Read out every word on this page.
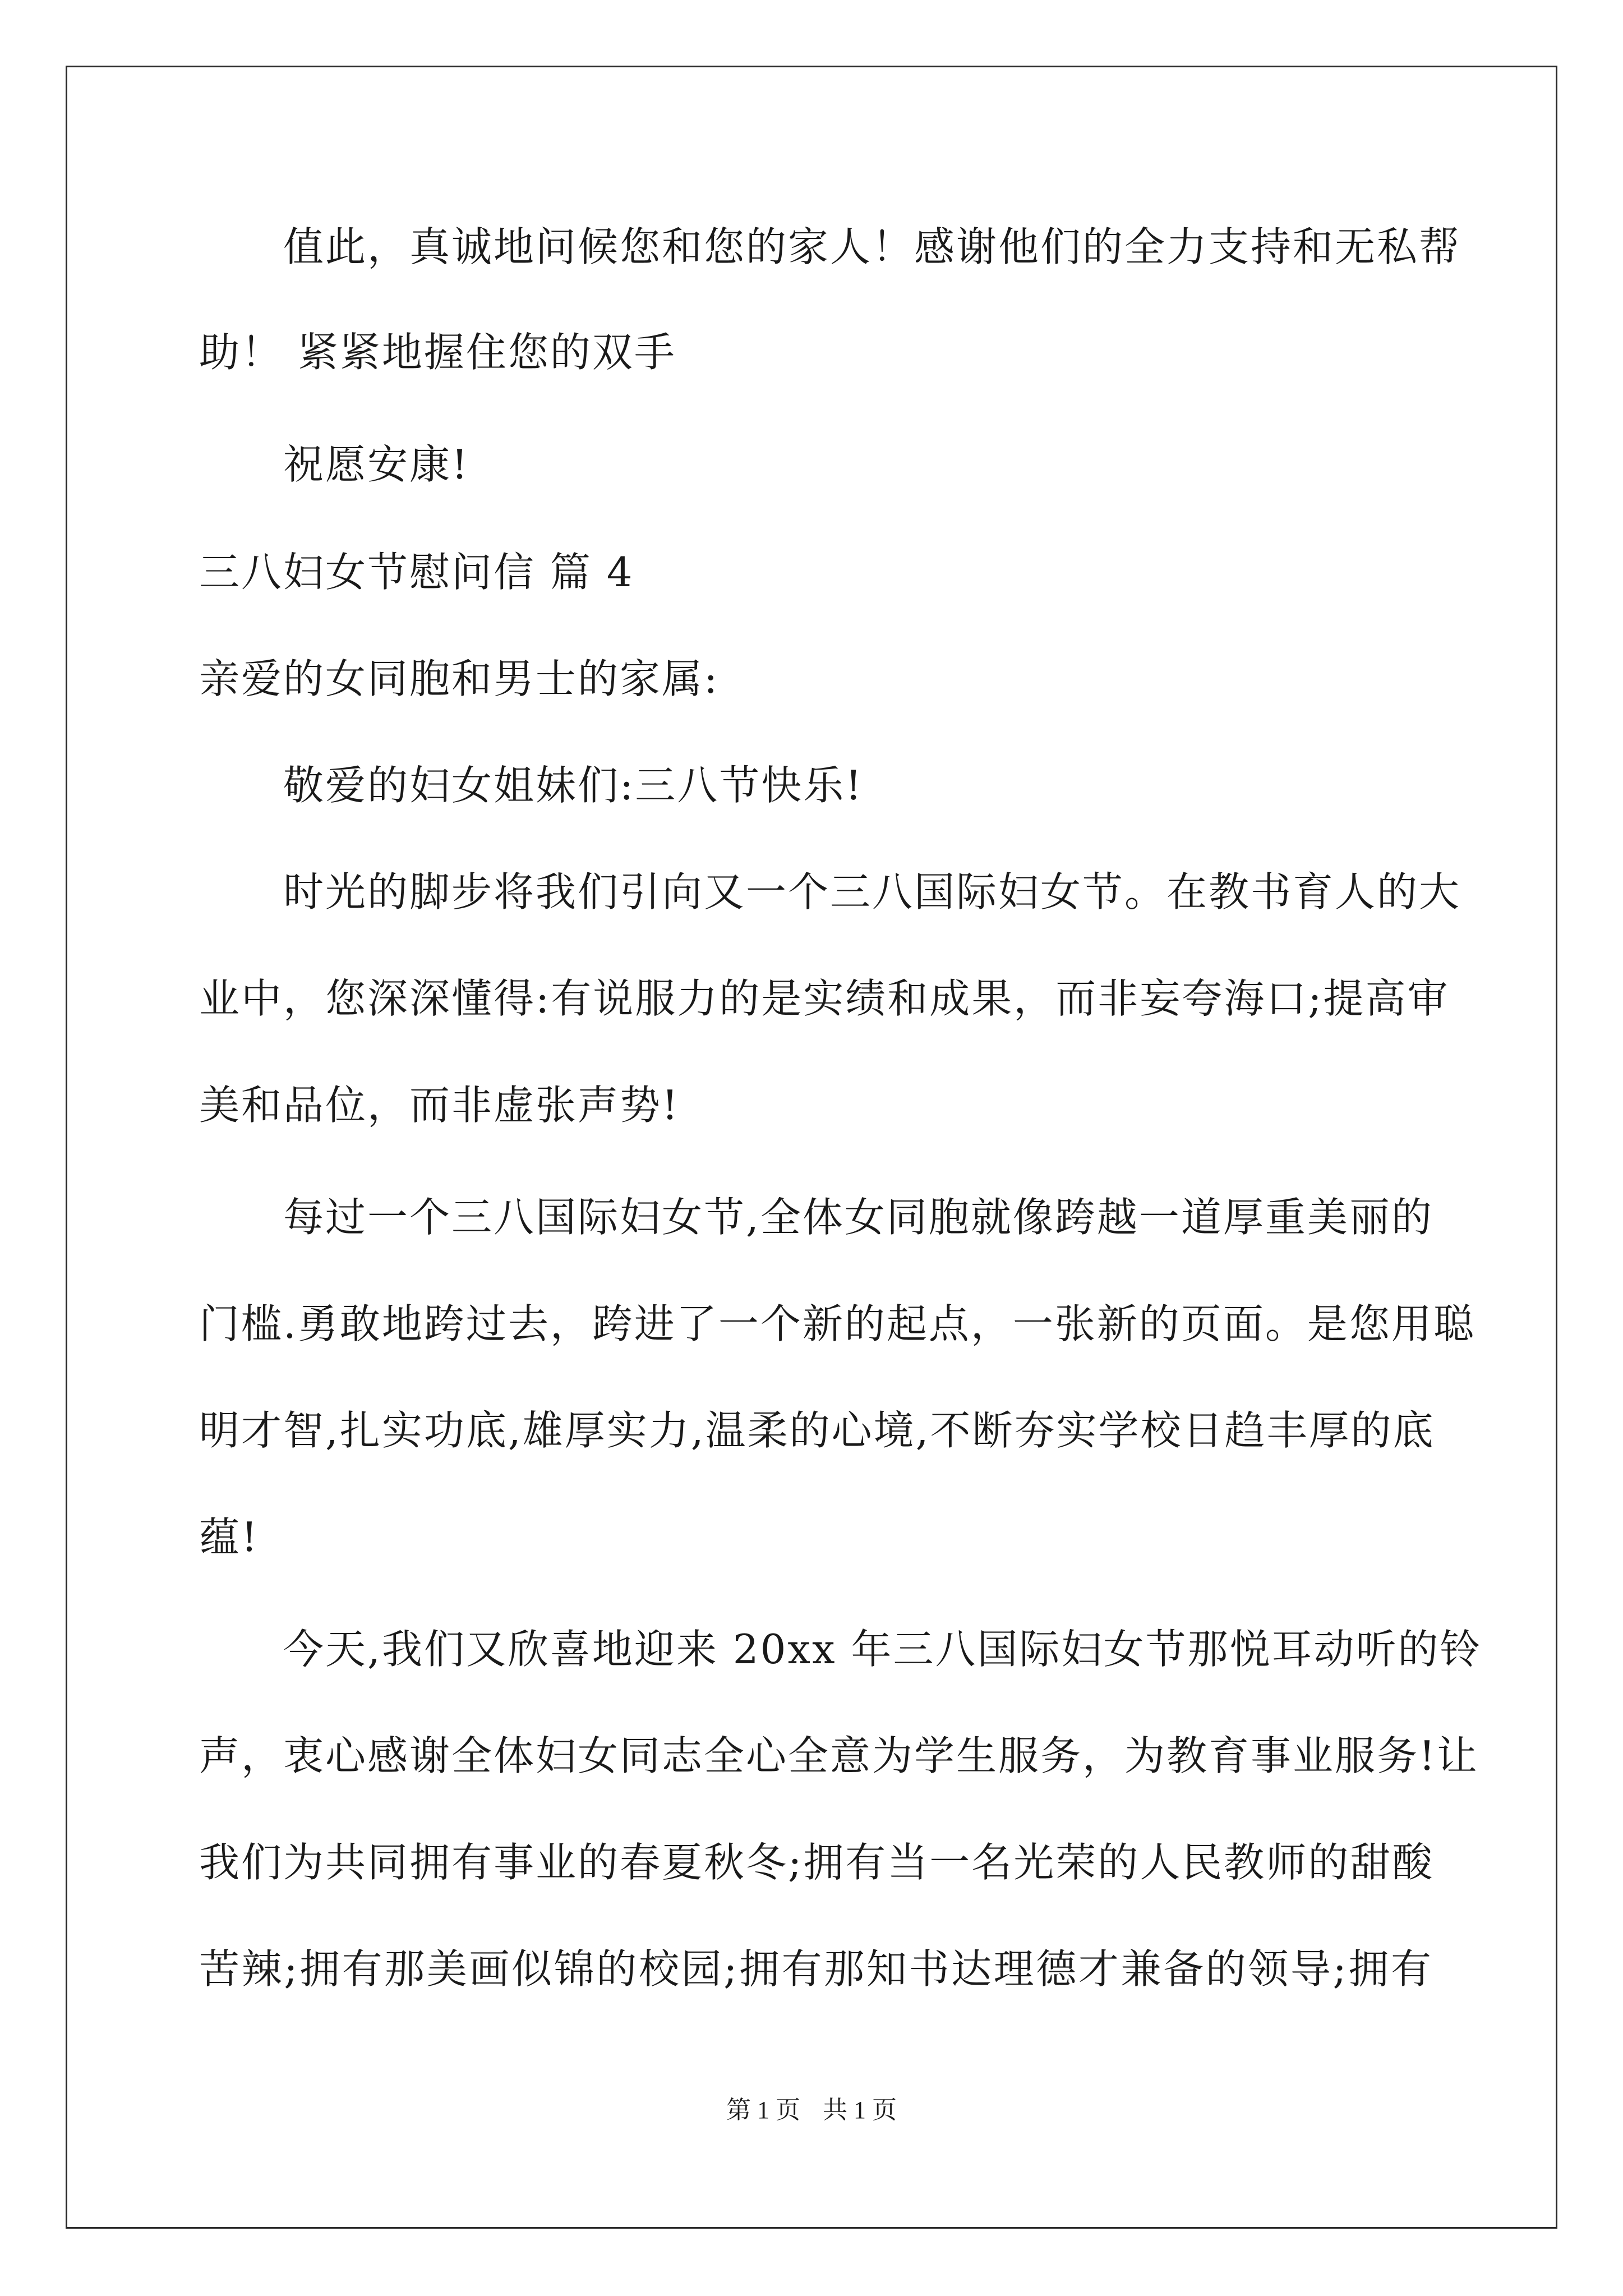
值此，真诚地问候您和您的家人！感谢他们的全力支持和无私帮
助！ 紧紧地握住您的双手
祝愿安康!
三八妇女节慰问信 篇 4
亲爱的女同胞和男士的家属:
敬爱的妇女姐妹们:三八节快乐!
时光的脚步将我们引向又一个三八国际妇女节。在教书育人的大
业中，您深深懂得:有说服力的是实绩和成果，而非妄夸海口;提高审
美和品位，而非虚张声势!
每过一个三八国际妇女节,全体女同胞就像跨越一道厚重美丽的
门槛.勇敢地跨过去，跨进了一个新的起点，一张新的页面。是您用聪
明才智,扎实功底,雄厚实力,温柔的心境,不断夯实学校日趋丰厚的底
蕴!
今天,我们又欣喜地迎来 20xx 年三八国际妇女节那悦耳动听的铃
声，衷心感谢全体妇女同志全心全意为学生服务，为教育事业服务!让
我们为共同拥有事业的春夏秋冬;拥有当一名光荣的人民教师的甜酸
苦辣;拥有那美画似锦的校园;拥有那知书达理德才兼备的领导;拥有
第 1 页 共 1 页
